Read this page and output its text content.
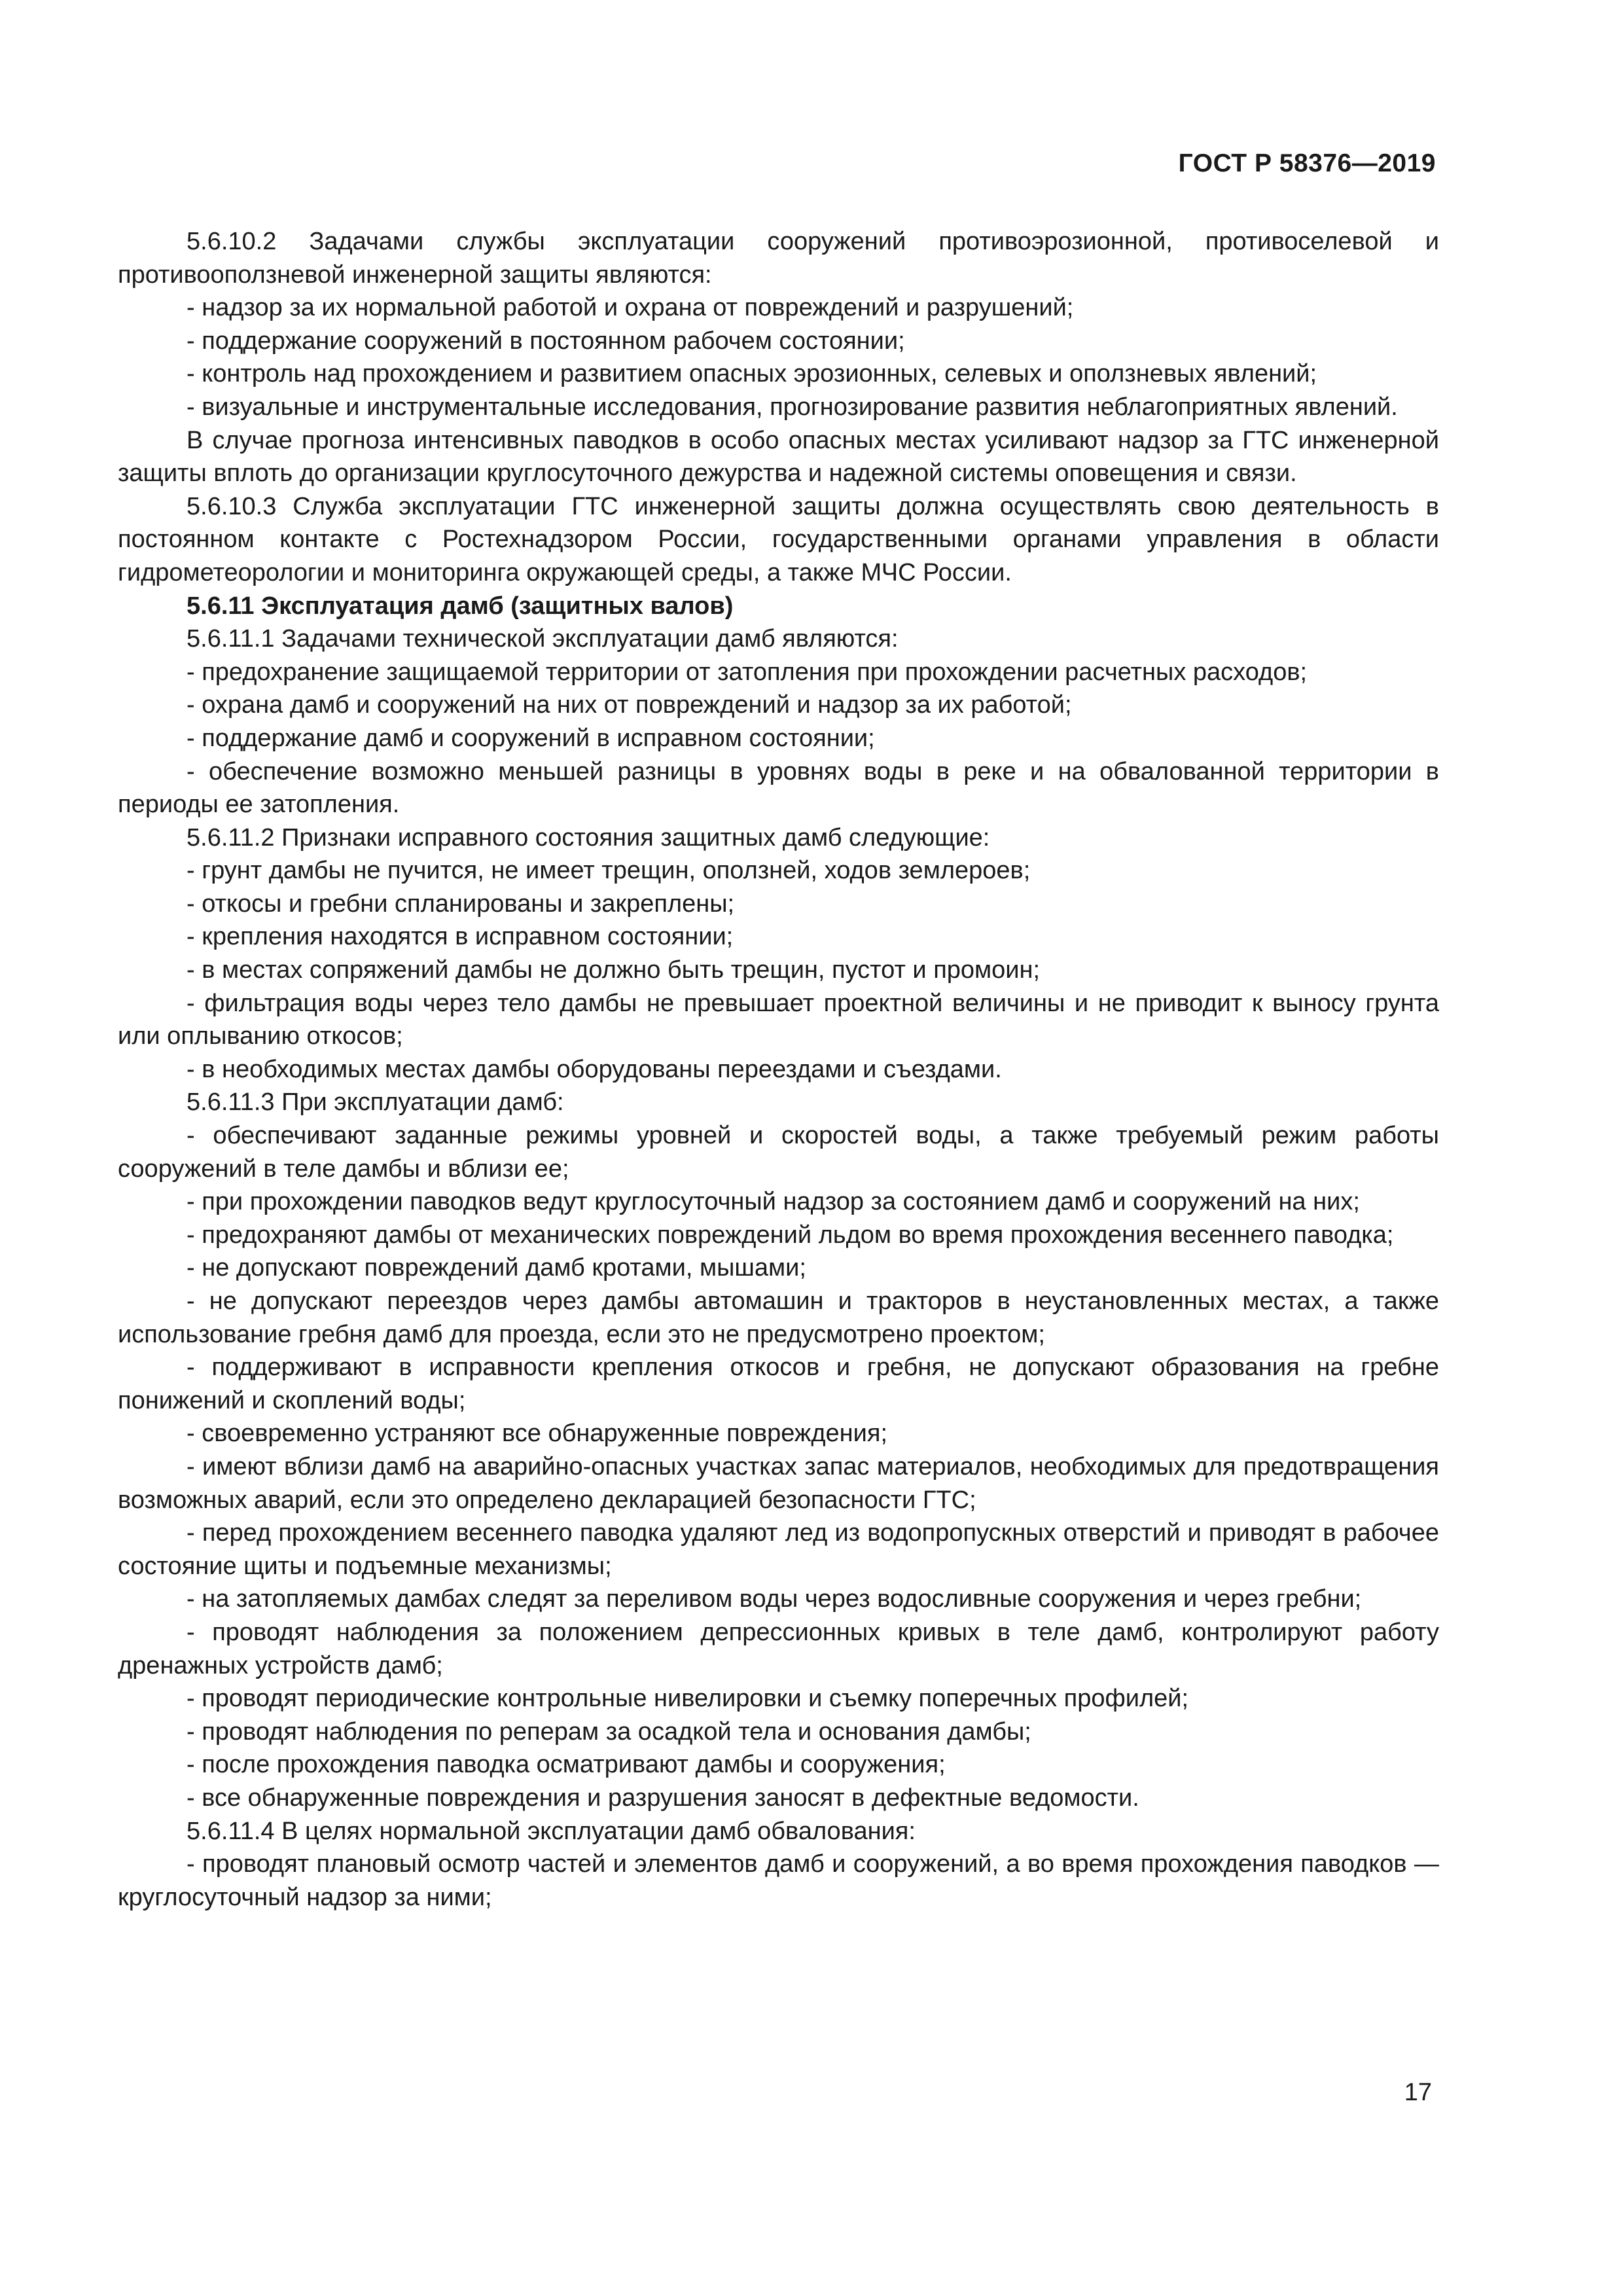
ГОСТ Р 58376—2019

5.6.10.2 Задачами службы эксплуатации сооружений противоэрозионной, противоселевой и противооползневой инженерной защиты являются:

- надзор за их нормальной работой и охрана от повреждений и разрушений;

- поддержание сооружений в постоянном рабочем состоянии;

- контроль над прохождением и развитием опасных эрозионных, селевых и оползневых явлений;

- визуальные и инструментальные исследования, прогнозирование развития неблагоприятных явлений.

В случае прогноза интенсивных паводков в особо опасных местах усиливают надзор за ГТС инженерной защиты вплоть до организации круглосуточного дежурства и надежной системы оповещения и связи.

5.6.10.3 Служба эксплуатации ГТС инженерной защиты должна осуществлять свою деятельность в постоянном контакте с Ростехнадзором России, государственными органами управления в области гидрометеорологии и мониторинга окружающей среды, а также МЧС России.

5.6.11 Эксплуатация дамб (защитных валов)

5.6.11.1 Задачами технической эксплуатации дамб являются:

- предохранение защищаемой территории от затопления при прохождении расчетных расходов;

- охрана дамб и сооружений на них от повреждений и надзор за их работой;

- поддержание дамб и сооружений в исправном состоянии;

- обеспечение возможно меньшей разницы в уровнях воды в реке и на обвалованной территории в периоды ее затопления.

5.6.11.2 Признаки исправного состояния защитных дамб следующие:

- грунт дамбы не пучится, не имеет трещин, оползней, ходов землероев;

- откосы и гребни спланированы и закреплены;

- крепления находятся в исправном состоянии;

- в местах сопряжений дамбы не должно быть трещин, пустот и промоин;

- фильтрация воды через тело дамбы не превышает проектной величины и не приводит к выносу грунта или оплыванию откосов;

- в необходимых местах дамбы оборудованы переездами и съездами.

5.6.11.3 При эксплуатации дамб:

- обеспечивают заданные режимы уровней и скоростей воды, а также требуемый режим работы сооружений в теле дамбы и вблизи ее;

- при прохождении паводков ведут круглосуточный надзор за состоянием дамб и сооружений на них;

- предохраняют дамбы от механических повреждений льдом во время прохождения весеннего паводка;

- не допускают повреждений дамб кротами, мышами;

- не допускают переездов через дамбы автомашин и тракторов в неустановленных местах, а также использование гребня дамб для проезда, если это не предусмотрено проектом;

- поддерживают в исправности крепления откосов и гребня, не допускают образования на гребне понижений и скоплений воды;

- своевременно устраняют все обнаруженные повреждения;

- имеют вблизи дамб на аварийно-опасных участках запас материалов, необходимых для предотвращения возможных аварий, если это определено декларацией безопасности ГТС;

- перед прохождением весеннего паводка удаляют лед из водопропускных отверстий и приводят в рабочее состояние щиты и подъемные механизмы;

- на затопляемых дамбах следят за переливом воды через водосливные сооружения и через гребни;

- проводят наблюдения за положением депрессионных кривых в теле дамб, контролируют работу дренажных устройств дамб;

- проводят периодические контрольные нивелировки и съемку поперечных профилей;

- проводят наблюдения по реперам за осадкой тела и основания дамбы;

- после прохождения паводка осматривают дамбы и сооружения;

- все обнаруженные повреждения и разрушения заносят в дефектные ведомости.

5.6.11.4 В целях нормальной эксплуатации дамб обвалования:

- проводят плановый осмотр частей и элементов дамб и сооружений, а во время прохождения паводков — круглосуточный надзор за ними;

17
